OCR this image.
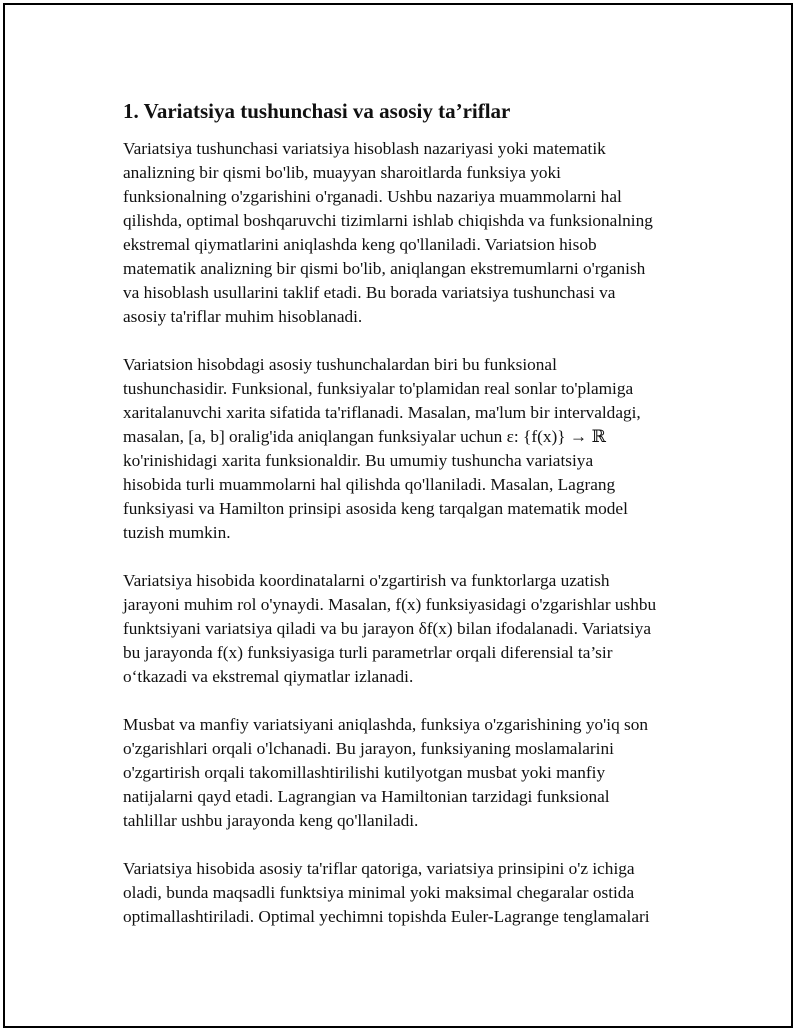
1. Variatsiya tushunchasi va asosiy ta’riflar
Variatsiya tushunchasi variatsiya hisoblash nazariyasi yoki matematik
analizning bir qismi bo'lib, muayyan sharoitlarda funksiya yoki
funksionalning o'zgarishini o'rganadi. Ushbu nazariya muammolarni hal
qilishda, optimal boshqaruvchi tizimlarni ishlab chiqishda va funksionalning
ekstremal qiymatlarini aniqlashda keng qo'llaniladi. Variatsion hisob
matematik analizning bir qismi bo'lib, aniqlangan ekstremumlarni o'rganish
va hisoblash usullarini taklif etadi. Bu borada variatsiya tushunchasi va
asosiy ta'riflar muhim hisoblanadi.
Variatsion hisobdagi asosiy tushunchalardan biri bu funksional
tushunchasidir. Funksional, funksiyalar to'plamidan real sonlar to'plamiga
xaritalanuvchi xarita sifatida ta'riflanadi. Masalan, ma'lum bir intervaldagi,
masalan, [a, b] oralig'ida aniqlangan funksiyalar uchun ε: {f(x)} → ℝ
ko'rinishidagi xarita funksionaldir. Bu umumiy tushuncha variatsiya
hisobida turli muammolarni hal qilishda qo'llaniladi. Masalan, Lagrang
funksiyasi va Hamilton prinsipi asosida keng tarqalgan matematik model
tuzish mumkin.
Variatsiya hisobida koordinatalarni o'zgartirish va funktorlarga uzatish
jarayoni muhim rol o'ynaydi. Masalan, f(x) funksiyasidagi o'zgarishlar ushbu
funktsiyani variatsiya qiladi va bu jarayon δf(x) bilan ifodalanadi. Variatsiya
bu jarayonda f(x) funksiyasiga turli parametrlar orqali diferensial ta’sir
o‘tkazadi va ekstremal qiymatlar izlanadi.
Musbat va manfiy variatsiyani aniqlashda, funksiya o'zgarishining yo'iq son
o'zgarishlari orqali o'lchanadi. Bu jarayon, funksiyaning moslamalarini
o'zgartirish orqali takomillashtirilishi kutilyotgan musbat yoki manfiy
natijalarni qayd etadi. Lagrangian va Hamiltonian tarzidagi funksional
tahlillar ushbu jarayonda keng qo'llaniladi.
Variatsiya hisobida asosiy ta'riflar qatoriga, variatsiya prinsipini o'z ichiga
oladi, bunda maqsadli funktsiya minimal yoki maksimal chegaralar ostida
optimallashtiriladi. Optimal yechimni topishda Euler-Lagrange tenglamalari
